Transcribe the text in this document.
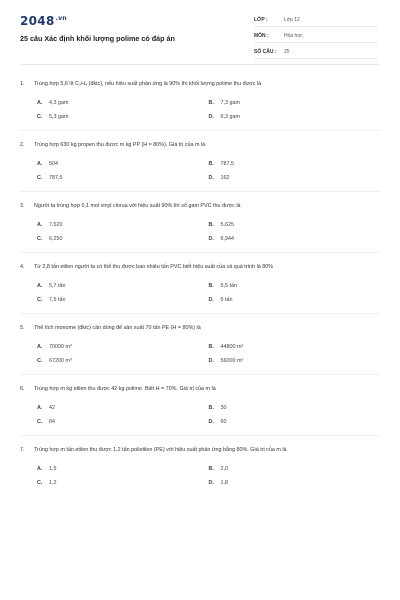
$2048^{.vn}$
25 câu Xác định khối lượng polime có đáp án
LỚP :	Lớp 12
MÔN :	Hóa học
SỐ CÂU :	25
1.	Trùng hợp 5,6 lít C₂H₄ (đktc), nếu hiệu suất phản ứng là 90% thì khối lượng polime thu được là
A.	4,3 gam	B.	7,3 gam
C.	5,3 gam	D.	6,3 gam
2.	Trùng hợp 630 kg propen thu được m kg PP (H = 80%). Giá trị của m là
A.	504	B.	787,5
C.	787,5	D.	162
3.	Người ta trùng hợp 0,1 mol vinyl clorua với hiệu suất 90% thì số gam PVC thu được là
A.	7,520	B.	5,625
C.	6,250	D.	6,944
4.	Từ 2,8 tấn etilen người ta có thể thu được bao nhiêu tấn PVC biết hiệu suất của cả quá trình là 80%
A.	5,7 tấn	B.	5,5 tấn
C.	7,5 tấn	D.	5 tấn
5.	Thể tích monome (đktc) cần dùng để sản xuất 70 tấn PE (H = 80%) là
A.	70000 m³	B.	44800 m³
C.	67200 m³	D.	56000 m³
6.	Trùng hợp m kg etilen thu được 42 kg polime. Biết H = 70%. Giá trị của m là
A.	42	B.	30
C.	84	D.	60
7.	Trùng hợp m tấn etilen thu được 1,2 tấn polietilen (PE) với hiệu suất phản ứng bằng 80%. Giá trị của m là
A.	1,5	B.	2,0
C.	1,2	D.	1,8
